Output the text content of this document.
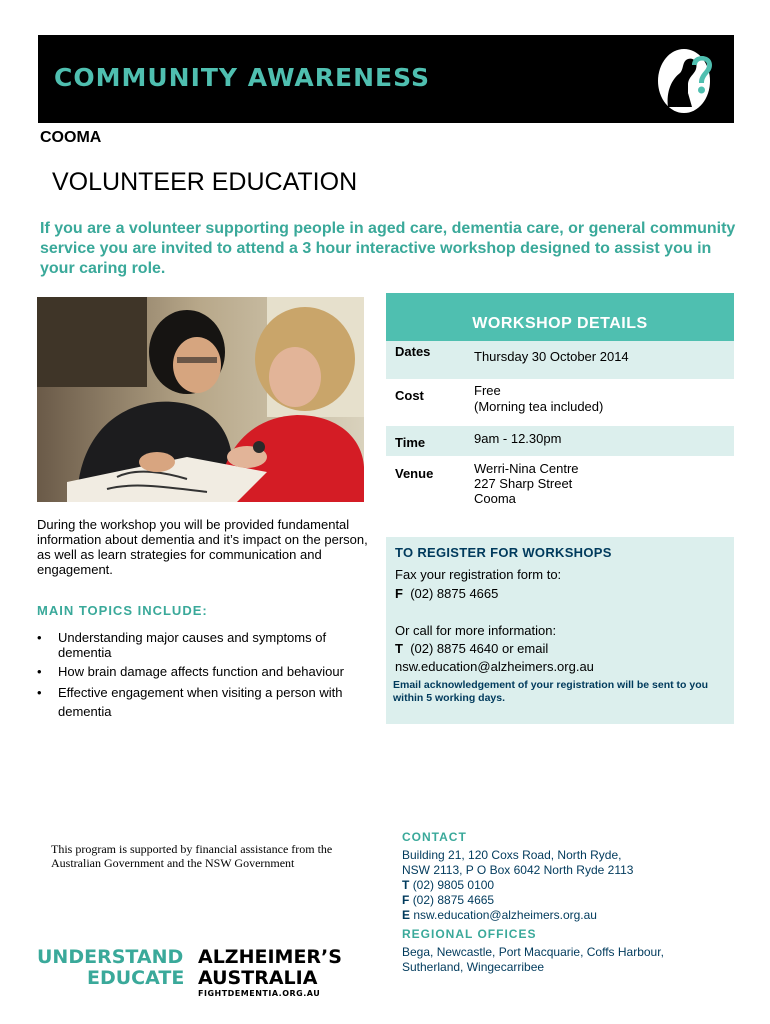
COMMUNITY AWARENESS
COOMA
VOLUNTEER EDUCATION
If you are a volunteer supporting people in aged care, dementia care, or general community service you are invited to attend a 3 hour interactive workshop designed to assist you in your caring role.
WORKSHOP DETAILS
Dates	Thursday 30 October 2014
Cost	Free
(Morning tea included)
Time	9am - 12.30pm
Venue	Werri-Nina Centre
227 Sharp Street
Cooma
During the workshop you will be provided fundamental information about dementia and it’s impact on the person, as well as learn strategies for communication and engagement.
MAIN TOPICS INCLUDE:
• Understanding major causes and symptoms of dementia
• How brain damage affects function and behaviour
• Effective engagement when visiting a person with dementia
TO REGISTER FOR WORKSHOPS
Fax your registration form to:
F (02) 8875 4665
Or call for more information:
T (02) 8875 4640 or email
nsw.education@alzheimers.org.au
Email acknowledgement of your registration will be sent to you within 5 working days.
This program is supported by financial assistance from the Australian Government and the NSW Government
CONTACT
Building 21, 120 Coxs Road, North Ryde,
NSW 2113, P O Box 6042 North Ryde 2113
T (02) 9805 0100
F (02) 8875 4665
E nsw.education@alzheimers.org.au
REGIONAL OFFICES
Bega, Newcastle, Port Macquarie, Coffs Harbour,
Sutherland, Wingecarribee
UNDERSTAND ALZHEIMER’S
EDUCATE AUSTRALIA
FIGHTDEMENTIA.ORG.AU
